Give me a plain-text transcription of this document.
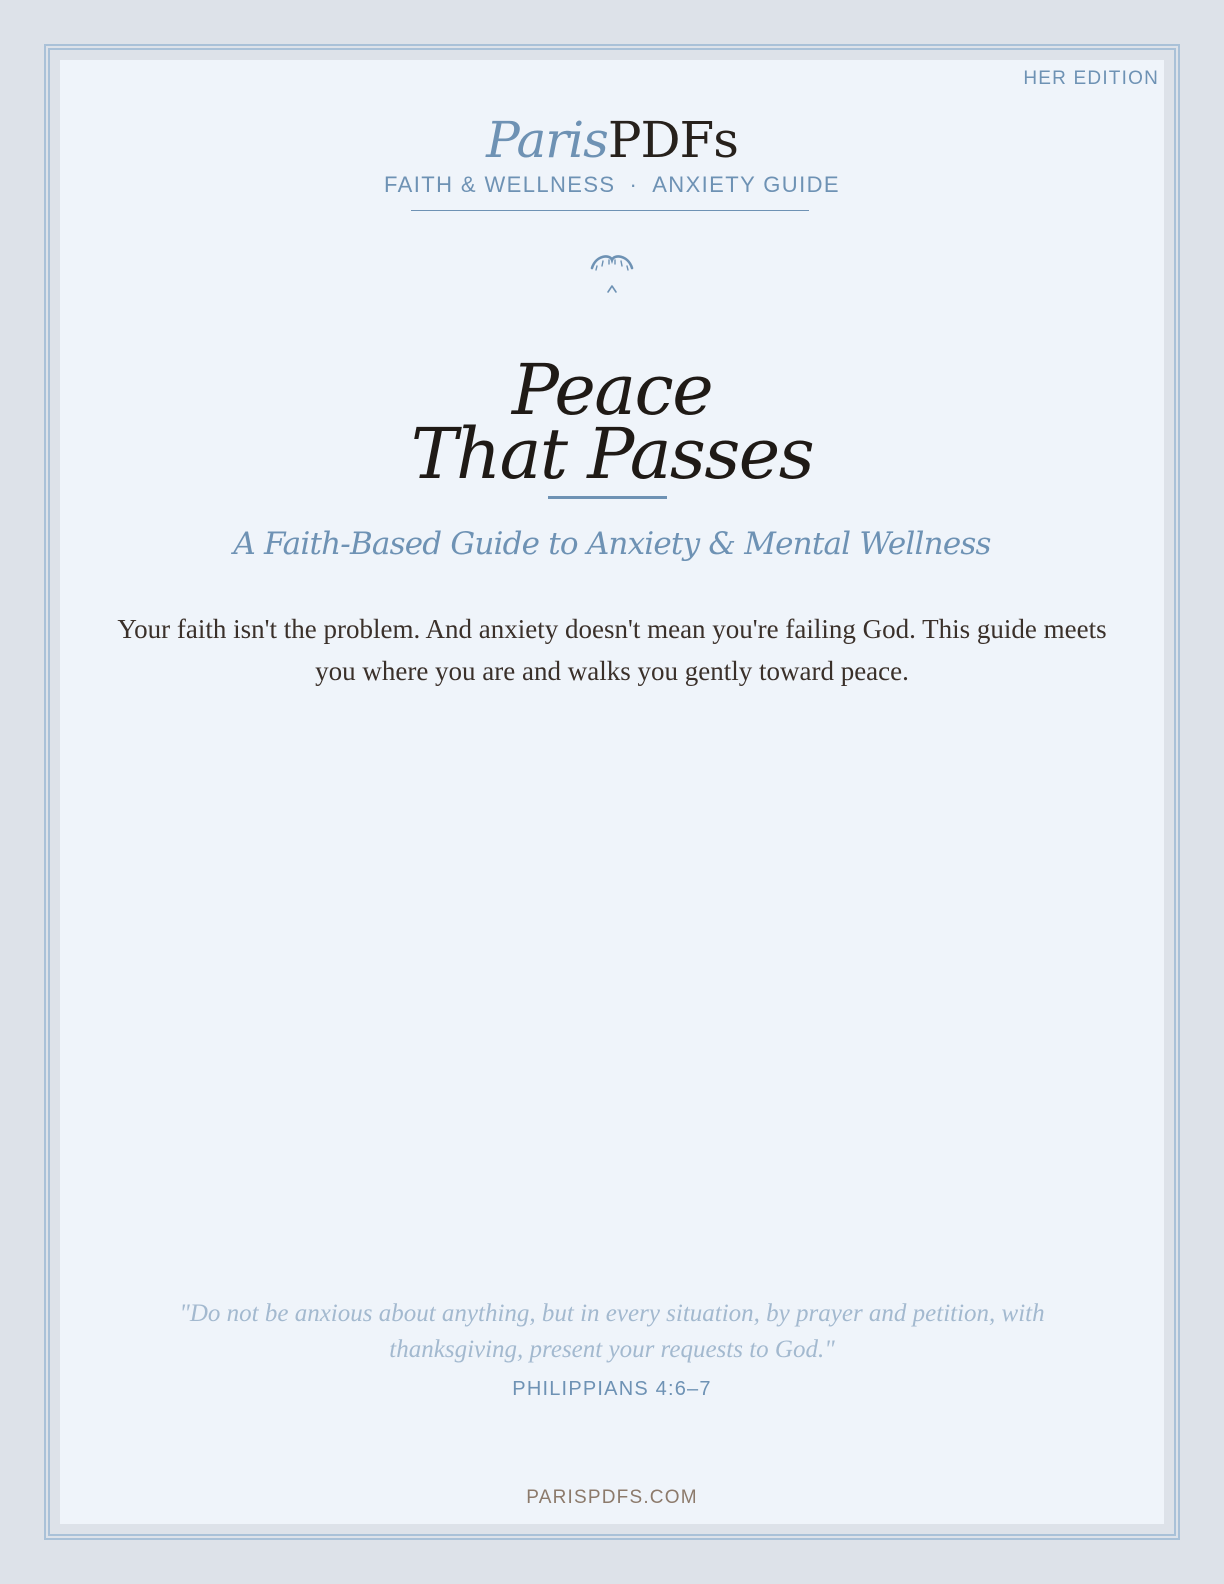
HER EDITION
ParisPDFs
FAITH & WELLNESS · ANXIETY GUIDE
Peace
That Passes
A Faith-Based Guide to Anxiety & Mental Wellness
Your faith isn't the problem. And anxiety doesn't mean you're failing God. This guide meets you where you are and walks you gently toward peace.
"Do not be anxious about anything, but in every situation, by prayer and petition, with thanksgiving, present your requests to God."
PHILIPPIANS 4:6–7
PARISPDFS.COM
